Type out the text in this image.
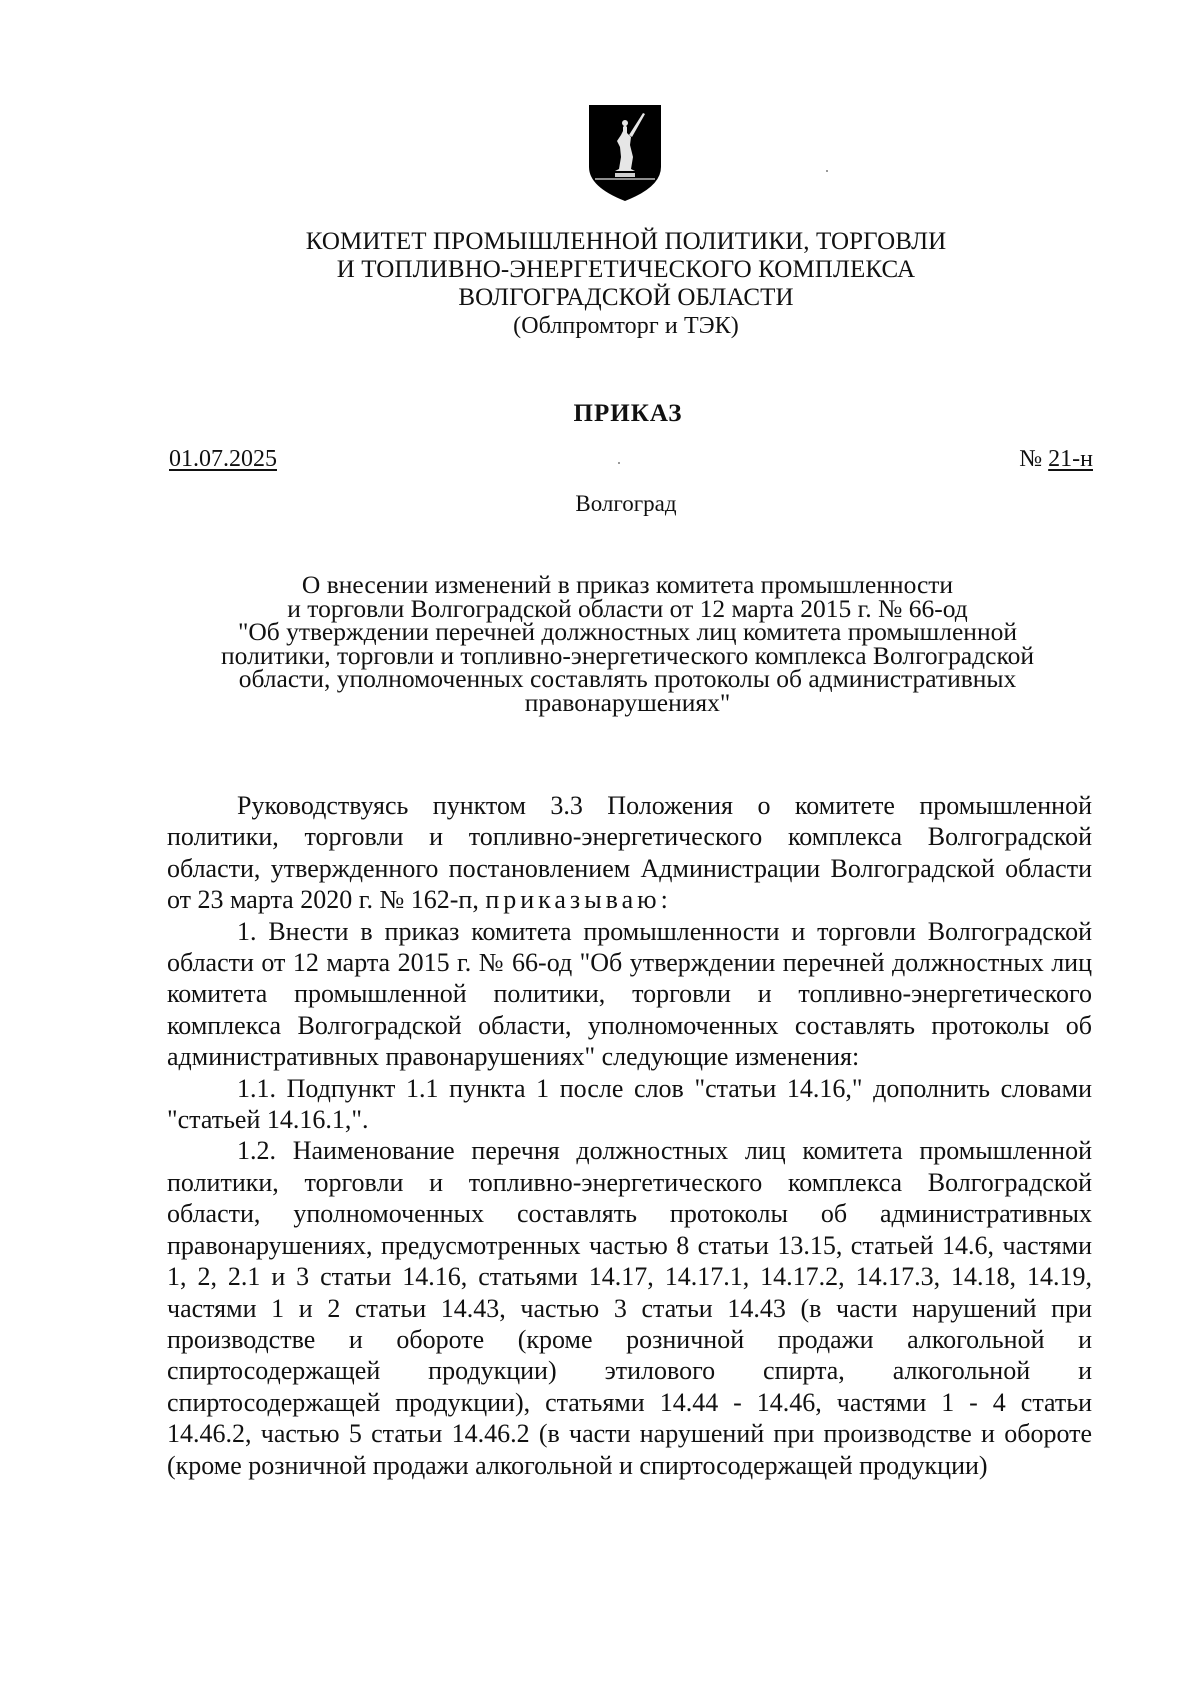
КОМИТЕТ ПРОМЫШЛЕННОЙ ПОЛИТИКИ, ТОРГОВЛИ
И ТОПЛИВНО-ЭНЕРГЕТИЧЕСКОГО КОМПЛЕКСА
ВОЛГОГРАДСКОЙ ОБЛАСТИ
(Облпромторг и ТЭК)
ПРИКАЗ
01.07.2025	№ 21-н
Волгоград
О внесении изменений в приказ комитета промышленности
и торговли Волгоградской области от 12 марта 2015 г. № 66-од
"Об утверждении перечней должностных лиц комитета промышленной
политики, торговли и топливно-энергетического комплекса Волгоградской
области, уполномоченных составлять протоколы об административных
правонарушениях"

Руководствуясь пунктом 3.3 Положения о комитете промышленной политики, торговли и топливно-энергетического комплекса Волгоградской области, утвержденного постановлением Администрации Волгоградской области от 23 марта 2020 г. № 162-п, приказываю:

1. Внести в приказ комитета промышленности и торговли Волгоградской области от 12 марта 2015 г. № 66-од "Об утверждении перечней должностных лиц комитета промышленной политики, торговли и топливно-энергетического комплекса Волгоградской области, уполномоченных составлять протоколы об административных правонарушениях" следующие изменения:

1.1. Подпункт 1.1 пункта 1 после слов "статьи 14.16," дополнить словами "статьей 14.16.1,".

1.2. Наименование перечня должностных лиц комитета промышленной политики, торговли и топливно-энергетического комплекса Волгоградской области, уполномоченных составлять протоколы об административных правонарушениях, предусмотренных частью 8 статьи 13.15, статьей 14.6, частями 1, 2, 2.1 и 3 статьи 14.16, статьями 14.17, 14.17.1, 14.17.2, 14.17.3, 14.18, 14.19, частями 1 и 2 статьи 14.43, частью 3 статьи 14.43 (в части нарушений при производстве и обороте (кроме розничной продажи алкогольной и спиртосодержащей продукции) этилового спирта, алкогольной и спиртосодержащей продукции), статьями 14.44 - 14.46, частями 1 - 4 статьи 14.46.2, частью 5 статьи 14.46.2 (в части нарушений при производстве и обороте (кроме розничной продажи алкогольной и спиртосодержащей продукции)
